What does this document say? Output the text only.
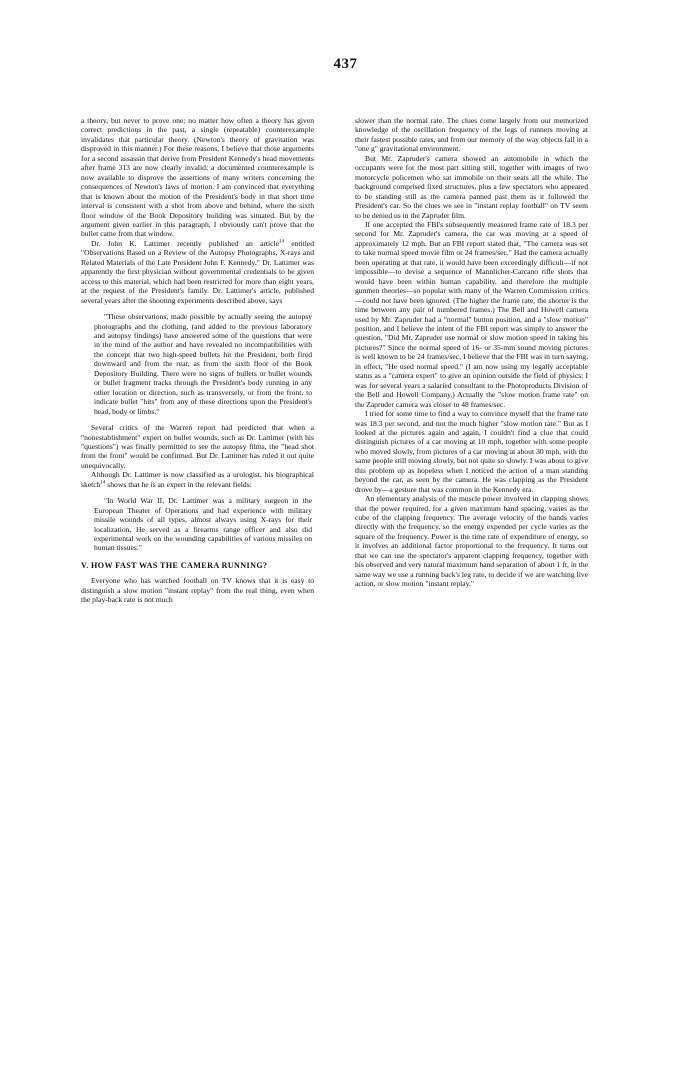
437

a theory, but never to prove one; no matter how often a theory has given correct predictions in the past, a single (repeatable) counterexample invalidates that particular theory. (Newton's theory of gravitation was disproved in this manner.) For these reasons, I believe that those arguments for a second assassin that derive from President Kennedy's head movements after frame 313 are now clearly invalid; a documented counterexample is now available to disprove the assertions of many writers concerning the consequences of Newton's laws of motion. I am convinced that everything that is known about the motion of the President's body in that short time interval is consistent with a shot from above and behind, where the sixth floor window of the Book Depository building was situated. But by the argument given earlier in this paragraph, I obviously can't prove that the bullet came from that window.

Dr. John K. Lattimer recently published an article$^{14}$ entitled "Observations Based on a Review of the Autopsy Photographs, X-rays and Related Materials of the Late President John F. Kennedy." Dr. Lattimer was apparently the first physician without governmental credentials to be given access to this material, which had been restricted for more than eight years, at the request of the President's family. Dr. Lattimer's article, published several years after the shooting experiments described above, says

"These observations, made possible by actually seeing the autopsy photographs and the clothing, (and added to the previous laboratory and autopsy findings) have answered some of the questions that were in the mind of the author and have revealed no incompatibilities with the concept that two high-speed bullets hit the President, both fired downward and from the rear, as from the sixth floor of the Book Depository Building. There were no signs of bullets or bullet wounds or bullet fragment tracks through the President's body running in any other location or direction, such as transversely, or from the front, to indicate bullet "hits" from any of these directions upon the President's head, body or limbs."

Several critics of the Warren report had predicted that when a "nonestablishment" expert on bullet wounds, such as Dr. Lattimer (with his "questions") was finally permitted to see the autopsy films, the "head shot from the front" would be confirmed. But Dr. Lattimer has ruled it out quite unequivocally.

Although Dr. Lattimer is now classified as a urologist, his biographical sketch$^{14}$ shows that he is an expert in the relevant fields:

"In World War II, Dr. Lattimer was a military surgeon in the European Theater of Operations and had experience with military missile wounds of all types, almost always using X-rays for their localization. He served as a firearms range officer and also did experimental work on the wounding capabilities of various missiles on human tissues."
V. HOW FAST WAS THE CAMERA RUNNING?

Everyone who has watched football on TV knows that it is easy to distinguish a slow motion "instant replay" from the real thing, even when the play-back rate is not much

slower than the normal rate. The clues come largely from our memorized knowledge of the oscillation frequency of the legs of runners moving at their fastest possible rates, and from our memory of the way objects fall in a "one g" gravitational environment.

But Mr. Zapruder's camera showed an automobile in which the occupants were for the most part sitting still, together with images of two motorcycle policemen who sat immobile on their seats all the while. The background comprised fixed structures, plus a few spectators who appeared to be standing still as the camera panned past them as it followed the President's car. So the clues we see in "instant replay football" on TV seem to be denied us in the Zapruder film.

If one accepted the FBI's subsequently measured frame rate of 18.3 per second for Mr. Zapruder's camera, the car was moving at a speed of approximately 12 mph. But an FBI report stated that, "The camera was set to take normal speed movie film or 24 frames/sec." Had the camera actually been operating at that rate, it would have been exceedingly difficult—if not impossible—to devise a sequence of Mannlicher-Carcano rifle shots that would have been within human capability, and therefore the multiple gunmen theories—so popular with many of the Warren Commission critics—could not have been ignored. (The higher the frame rate, the shorter is the time between any pair of numbered frames.) The Bell and Howell camera used by Mr. Zapruder had a "normal" button position, and a "slow motion" position, and I believe the intent of the FBI report was simply to answer the question, "Did Mr. Zapruder use normal or slow motion speed in taking his pictures?" Since the normal speed of 16- or 35-mm sound moving pictures is well known to be 24 frames/sec, I believe that the FBI was in turn saying, in effect, "He used normal speed." (I am now using my legally acceptable status as a "camera expert" to give an opinion outside the field of physics; I was for several years a salaried consultant to the Photoproducts Division of the Bell and Howell Company.) Actually the "slow motion frame rate" on the Zapruder camera was closer to 48 frames/sec.

I tried for some time to find a way to convince myself that the frame rate was 18.3 per second, and not the much higher "slow motion rate." But as I looked at the pictures again and again, I couldn't find a clue that could distinguish pictures of a car moving at 10 mph, together with some people who moved slowly, from pictures of a car moving at about 30 mph, with the same people still moving slowly, but not quite so slowly. I was about to give this problem up as hopeless when I noticed the action of a man standing beyond the car, as seen by the camera. He was clapping as the President drove by—a gesture that was common in the Kennedy era.

An elementary analysis of the muscle power involved in clapping shows that the power required, for a given maximum hand spacing, varies as the cube of the clapping frequency. The average velocity of the hands varies directly with the frequency, so the energy expended per cycle varies as the square of the frequency. Power is the time rate of expenditure of energy, so it involves an additional factor proportional to the frequency. It turns out that we can use the spectator's apparent clapping frequency, together with his observed and very natural maximum hand separation of about 1 ft, in the same way we use a running back's leg rate, to decide if we are watching live action, or slow motion "instant replay."
